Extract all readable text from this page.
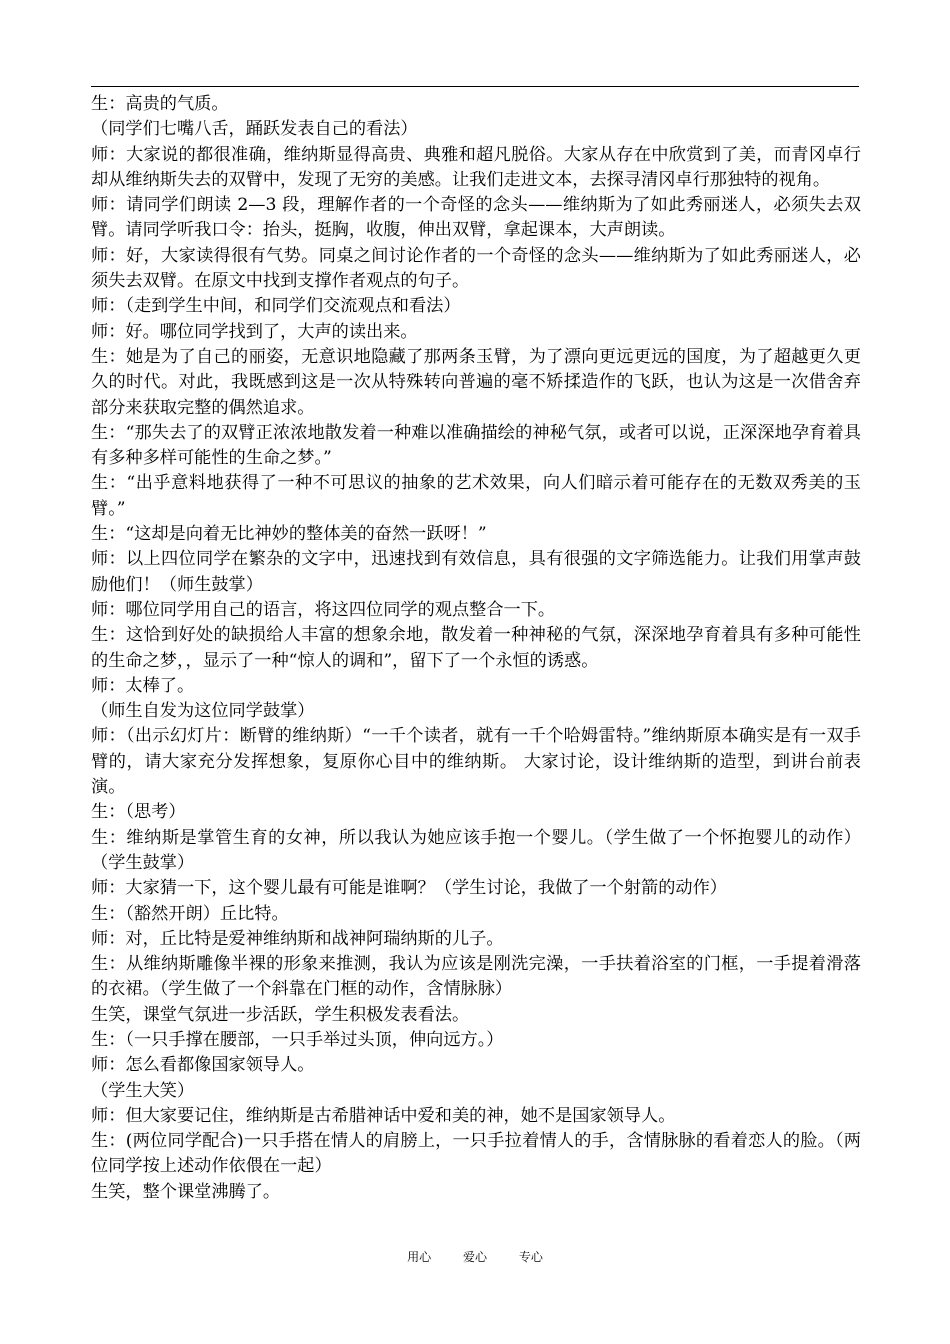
生：高贵的气质。

（同学们七嘴八舌，踊跃发表自己的看法）

师：大家说的都很准确，维纳斯显得高贵、典雅和超凡脱俗。大家从存在中欣赏到了美，而青冈卓行却从维纳斯失去的双臂中，发现了无穷的美感。让我们走进文本，去探寻清冈卓行那独特的视角。

师：请同学们朗读 2—3 段，理解作者的一个奇怪的念头——维纳斯为了如此秀丽迷人，必须失去双臂。请同学听我口令：抬头，挺胸，收腹，伸出双臂，拿起课本，大声朗读。

师：好，大家读得很有气势。同桌之间讨论作者的一个奇怪的念头——维纳斯为了如此秀丽迷人，必须失去双臂。在原文中找到支撑作者观点的句子。

师：（走到学生中间，和同学们交流观点和看法）

师：好。哪位同学找到了，大声的读出来。

生：她是为了自己的丽姿，无意识地隐藏了那两条玉臂，为了漂向更远更远的国度，为了超越更久更久的时代。对此，我既感到这是一次从特殊转向普遍的毫不矫揉造作的飞跃，也认为这是一次借舍弃部分来获取完整的偶然追求。

生：“那失去了的双臂正浓浓地散发着一种难以准确描绘的神秘气氛，或者可以说，正深深地孕育着具有多种多样可能性的生命之梦。”

生：“出乎意料地获得了一种不可思议的抽象的艺术效果，向人们暗示着可能存在的无数双秀美的玉臂。”

生：“这却是向着无比神妙的整体美的奋然一跃呀！”

师：以上四位同学在繁杂的文字中，迅速找到有效信息，具有很强的文字筛选能力。让我们用掌声鼓励他们！（师生鼓掌）

师：哪位同学用自己的语言，将这四位同学的观点整合一下。

生：这恰到好处的缺损给人丰富的想象余地，散发着一种神秘的气氛，深深地孕育着具有多种可能性的生命之梦，，显示了一种“惊人的调和”，留下了一个永恒的诱惑。

师：太棒了。

（师生自发为这位同学鼓掌）

师：（出示幻灯片：断臂的维纳斯）“一千个读者，就有一千个哈姆雷特。”维纳斯原本确实是有一双手臂的，请大家充分发挥想象，复原你心目中的维纳斯。 大家讨论，设计维纳斯的造型，到讲台前表演。

生：（思考）

生：维纳斯是掌管生育的女神，所以我认为她应该手抱一个婴儿。（学生做了一个怀抱婴儿的动作）（学生鼓掌）

师：大家猜一下，这个婴儿最有可能是谁啊？（学生讨论，我做了一个射箭的动作）

生：（豁然开朗）丘比特。

师：对，丘比特是爱神维纳斯和战神阿瑞纳斯的儿子。

生：从维纳斯雕像半裸的形象来推测，我认为应该是刚洗完澡，一手扶着浴室的门框，一手提着滑落的衣裙。（学生做了一个斜靠在门框的动作，含情脉脉）

生笑，课堂气氛进一步活跃，学生积极发表看法。

生：（一只手撑在腰部，一只手举过头顶，伸向远方。）

师：怎么看都像国家领导人。

（学生大笑）

师：但大家要记住，维纳斯是古希腊神话中爱和美的神，她不是国家领导人。

生：(两位同学配合)一只手搭在情人的肩膀上，一只手拉着情人的手，含情脉脉的看着恋人的脸。（两位同学按上述动作依偎在一起）

生笑，整个课堂沸腾了。

用心	爱心	专心
